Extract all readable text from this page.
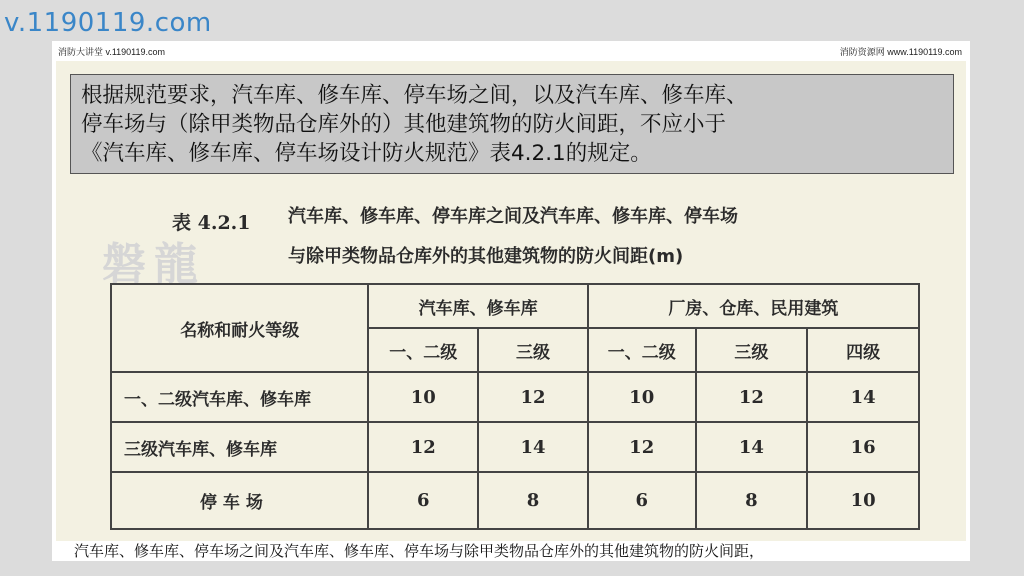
v.1190119.com
消防大讲堂 v.1190119.com	消防资源网 www.1190119.com

根据规范要求，汽车库、修车库、停车场之间，以及汽车库、修车库、

停车场与（除甲类物品仓库外的）其他建筑物的防火间距，不应小于

《汽车库、修车库、停车场设计防火规范》表4.2.1的规定。

磐龍
表 4.2.1 汽车库、修车库、停车库之间及汽车库、修车库、停车场
与除甲类物品仓库外的其他建筑物的防火间距(m)
名称和耐火等级	汽车库、修车库		厂房、仓库、民用建筑		
	一、二级	三级	一、二级	三级	四级
一、二级汽车库、修车库	10	12	10	12	14
三级汽车库、修车库	12	14	12	14	16
停 车 场	6	8	6	8	10
汽车库、修车库、停车场之间及汽车库、修车库、停车场与除甲类物品仓库外的其他建筑物的防火间距，
